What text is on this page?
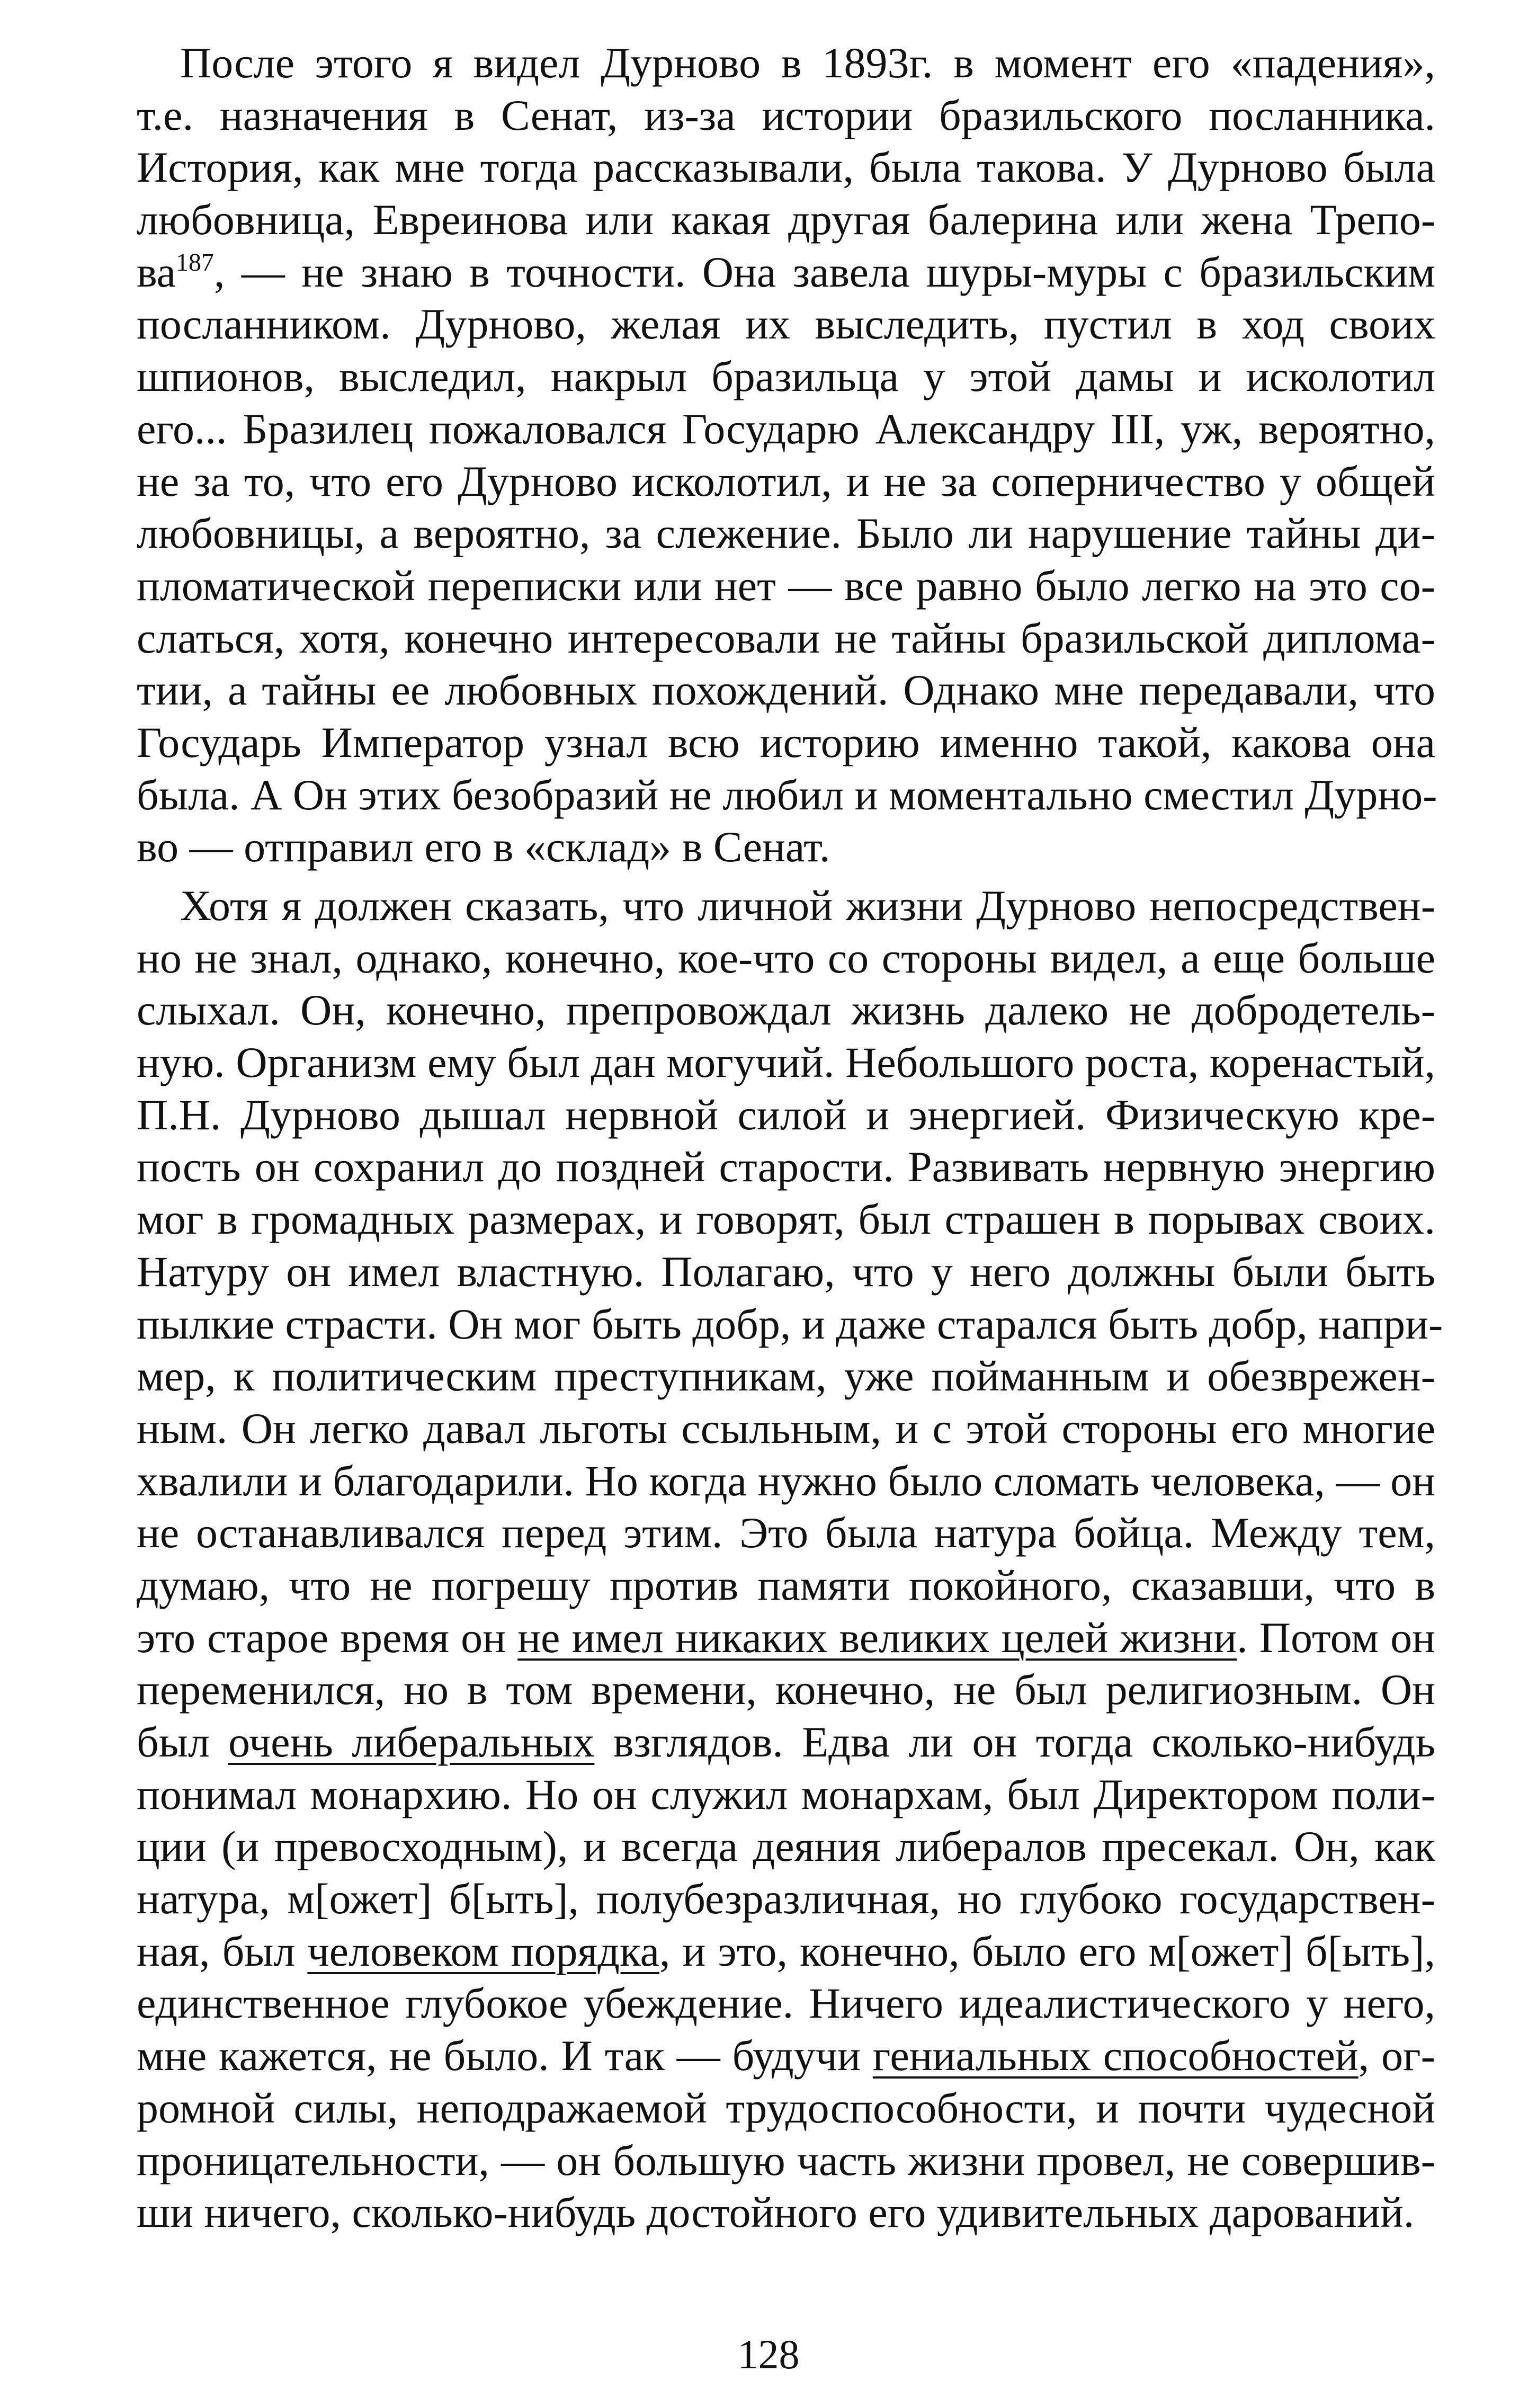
После этого я видел Дурново в 1893г. в момент его «падения»,
т.е. назначения в Сенат, из-за истории бразильского посланника.
История, как мне тогда рассказывали, была такова. У Дурново была
любовница, Евреинова или какая другая балерина или жена Трепо-
$ва^{187}$, — не знаю в точности. Она завела шуры-муры с бразильским
посланником. Дурново, желая их выследить, пустил в ход своих
шпионов, выследил, накрыл бразильца у этой дамы и исколотил
его... Бразилец пожаловался Государю Александру III, уж, вероятно,
не за то, что его Дурново исколотил, и не за соперничество у общей
любовницы, а вероятно, за слежение. Было ли нарушение тайны ди-
пломатической переписки или нет — все равно было легко на это со-
слаться, хотя, конечно интересовали не тайны бразильской диплома-
тии, а тайны ее любовных похождений. Однако мне передавали, что
Государь Император узнал всю историю именно такой, какова она
была. А Он этих безобразий не любил и моментально сместил Дурно-
во — отправил его в «склад» в Сенат.
Хотя я должен сказать, что личной жизни Дурново непосредствен-
но не знал, однако, конечно, кое-что со стороны видел, а еще больше
слыхал. Он, конечно, препровождал жизнь далеко не добродетель-
ную. Организм ему был дан могучий. Небольшого роста, коренастый,
П.Н. Дурново дышал нервной силой и энергией. Физическую кре-
пость он сохранил до поздней старости. Развивать нервную энергию
мог в громадных размерах, и говорят, был страшен в порывах своих.
Натуру он имел властную. Полагаю, что у него должны были быть
пылкие страсти. Он мог быть добр, и даже старался быть добр, напри-
мер, к политическим преступникам, уже пойманным и обезврежен-
ным. Он легко давал льготы ссыльным, и с этой стороны его многие
хвалили и благодарили. Но когда нужно было сломать человека, — он
не останавливался перед этим. Это была натура бойца. Между тем,
думаю, что не погрешу против памяти покойного, сказавши, что в
это старое время он не имел никаких великих целей жизни. Потом он
переменился, но в том времени, конечно, не был религиозным. Он
был очень либеральных взглядов. Едва ли он тогда сколько-нибудь
понимал монархию. Но он служил монархам, был Директором поли-
ции (и превосходным), и всегда деяния либералов пресекал. Он, как
натура, м[ожет] б[ыть], полубезразличная, но глубоко государствен-
ная, был человеком порядка, и это, конечно, было его м[ожет] б[ыть],
единственное глубокое убеждение. Ничего идеалистического у него,
мне кажется, не было. И так — будучи гениальных способностей, ог-
ромной силы, неподражаемой трудоспособности, и почти чудесной
проницательности, — он большую часть жизни провел, не совершив-
ши ничего, сколько-нибудь достойного его удивительных дарований.
128
